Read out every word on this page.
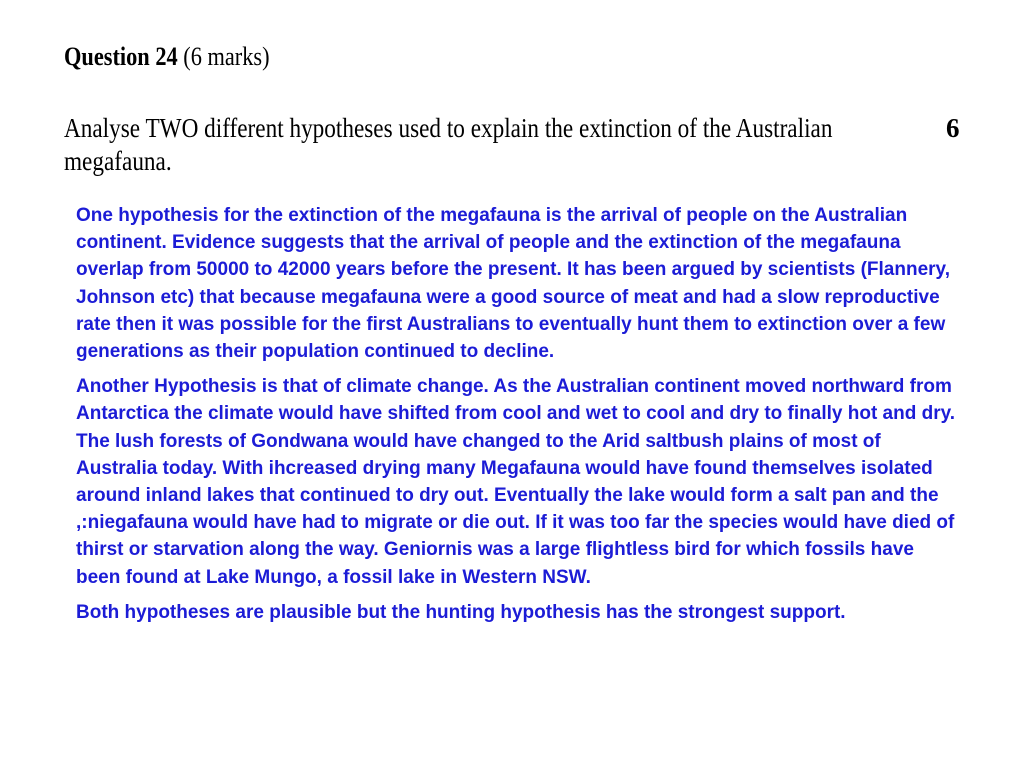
Question 24 (6 marks)
Analyse TWO different hypotheses used to explain the extinction of the Australian megafauna.
6

One hypothesis for the extinction of the megafauna is the arrival of people on the Australian continent. Evidence suggests that the arrival of people and the extinction of the megafauna overlap from 50000 to 42000 years before the present. It has been argued by scientists (Flannery, Johnson etc) that because megafauna were a good source of meat and had a slow reproductive rate then it was possible for the first Australians to eventually hunt them to extinction over a few generations as their population continued to decline.

Another Hypothesis is that of climate change. As the Australian continent moved northward from Antarctica the climate would have shifted from cool and wet to cool and dry to finally hot and dry. The lush forests of Gondwana would have changed to the Arid saltbush plains of most of Australia today. With ihcreased drying many Megafauna would have found themselves isolated around inland lakes that continued to dry out. Eventually the lake would form a salt pan and the ,:niegafauna would have had to migrate or die out. If it was too far the species would have died of thirst or starvation along the way. Geniornis was a large flightless bird for which fossils have been found at Lake Mungo, a fossil lake in Western NSW.

Both hypotheses are plausible but the hunting hypothesis has the strongest support.
